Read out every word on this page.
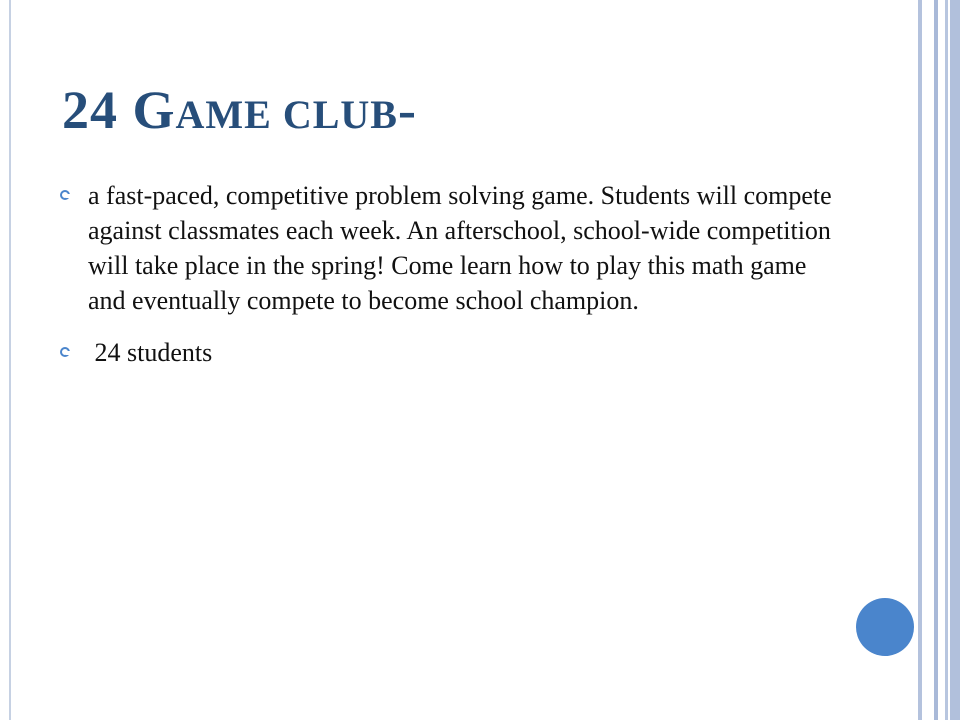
24 GAME CLUB-
a fast-paced, competitive problem solving game. Students will compete against classmates each week. An afterschool, school-wide competition will take place in the spring! Come learn how to play this math game and eventually compete to become school champion.
24 students
